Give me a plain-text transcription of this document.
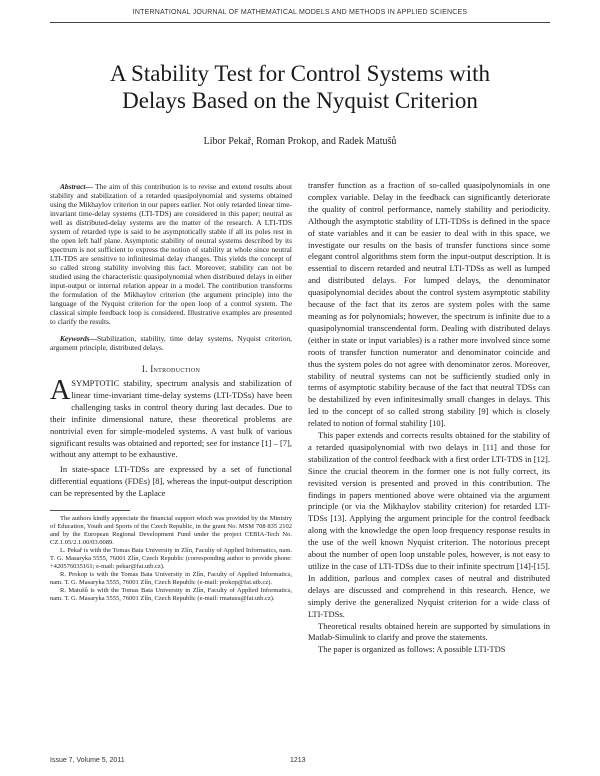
INTERNATIONAL JOURNAL OF MATHEMATICAL MODELS AND METHODS IN APPLIED SCIENCES
A Stability Test for Control Systems with
Delays Based on the Nyquist Criterion
Libor Pekař, Roman Prokop, and Radek Matušů

Abstract— The aim of this contribution is to revise and extend results about stability and stabilization of a retarded quasipolynomial and systems obtained using the Mikhaylov criterion in our papers earlier. Not only retarded linear time-invariant time-delay systems (LTI-TDS) are considered in this paper; neutral as well as distributed-delay systems are the matter of the research. A LTI-TDS system of retarded type is said to be asymptotically stable if all its poles rest in the open left half plane. Asymptotic stability of neutral systems described by its spectrum is not sufficient to express the notion of stability at whole since neutral LTI-TDS are sensitive to infinitesimal delay changes. This yields the concept of so called strong stability involving this fact. Moreover, stability can not be studied using the characteristic quasipolynomial when distributed delays in either input-output or internal relation appear in a model. The contribution transforms the formulation of the Mikhaylov criterion (the argument principle) into the language of the Nyquist criterion for the open loop of a control system. The classical simple feedback loop is considered. Illustrative examples are presented to clarify the results.

Keywords—Stabilization, stability, time delay systems, Nyquist criterion, argument principle, distributed delays.

I. Introduction

ASYMPTOTIC stability, spectrum analysis and stabilization of linear time-invariant time-delay systems (LTI-TDSs) have been challenging tasks in control theory during last decades. Due to their infinite dimensional nature, these theoretical problems are nontrivial even for simple-modeled systems. A vast bulk of various significant results was obtained and reported; see for instance [1] – [7], without any attempt to be exhaustive.

In state-space LTI-TDSs are expressed by a set of functional differential equations (FDEs) [8], whereas the input-output description can be represented by the Laplace

The authors kindly appreciate the financial support which was provided by the Ministry of Education, Youth and Sports of the Czech Republic, in the grant No. MSM 708 835 2102 and by the European Regional Development Fund under the project CEBIA-Tech No. CZ.1.05/2.1.00/03.0089.

L. Pekař is with the Tomas Bata University in Zlín, Faculty of Applied Informatics, nam. T. G. Masaryka 5555, 76001 Zlín, Czech Republic (corresponding author to provide phone: +420576035161; e-mail: pekar@fai.utb.cz).

R. Prokop is with the Tomas Bata University in Zlín, Faculty of Applied Informatics, nam. T. G. Masaryka 5555, 76001 Zlín, Czech Republic (e-mail: prokop@fai.utb.cz).

R. Matušů is with the Tomas Bata University in Zlín, Faculty of Applied Informatics, nam. T. G. Masaryka 5555, 76001 Zlín, Czech Republic (e-mail: rmatusu@fai.utb.cz).

transfer function as a fraction of so-called quasipolynomials in one complex variable. Delay in the feedback can significantly deteriorate the quality of control performance, namely stability and periodicity. Although the asymptotic stability of LTI-TDSs is defined in the space of state variables and it can be easier to deal with in this space, we investigate our results on the basis of transfer functions since some elegant control algorithms stem form the input-output description. It is essential to discern retarded and neutral LTI-TDSs as well as lumped and distributed delays. For lumped delays, the denominator quasipolynomial decides about the control system asymptotic stability because of the fact that its zeros are system poles with the same meaning as for polynomials; however, the spectrum is infinite due to a quasipolynomial transcendental form. Dealing with distributed delays (either in state or input variables) is a rather more involved since some roots of transfer function numerator and denominator coincide and thus the system poles do not agree with denominator zeros. Moreover, stability of neutral systems can not be sufficiently studied only in terms of asymptotic stability because of the fact that neutral TDSs can be destabilized by even infinitesimally small changes in delays. This led to the concept of so called strong stability [9] which is closely related to notion of formal stability [10].

This paper extends and corrects results obtained for the stability of a retarded quasipolynomial with two delays in [11] and those for stabilization of the control feedback with a first order LTI-TDS in [12]. Since the crucial theorem in the former one is not fully correct, its revisited version is presented and proved in this contribution. The findings in papers mentioned above were obtained via the argument principle (or via the Mikhaylov stability criterion) for retarded LTI-TDSs [13]. Applying the argument principle for the control feedback along with the knowledge the open loop frequency response results in the use of the well known Nyquist criterion. The notorious precept about the number of open loop unstable poles, however, is not easy to utilize in the case of LTI-TDSs due to their infinite spectrum [14]-[15]. In addition, parlous and complex cases of neutral and distributed delays are discussed and comprehend in this research. Hence, we simply derive the generalized Nyquist criterion for a wide class of LTI-TDSs.

Theoretical results obtained herein are supported by simulations in Matlab-Simulink to clarify and prove the statements.

The paper is organized as follows: A possible LTI-TDS

Issue 7, Volume 5, 2011	1213
